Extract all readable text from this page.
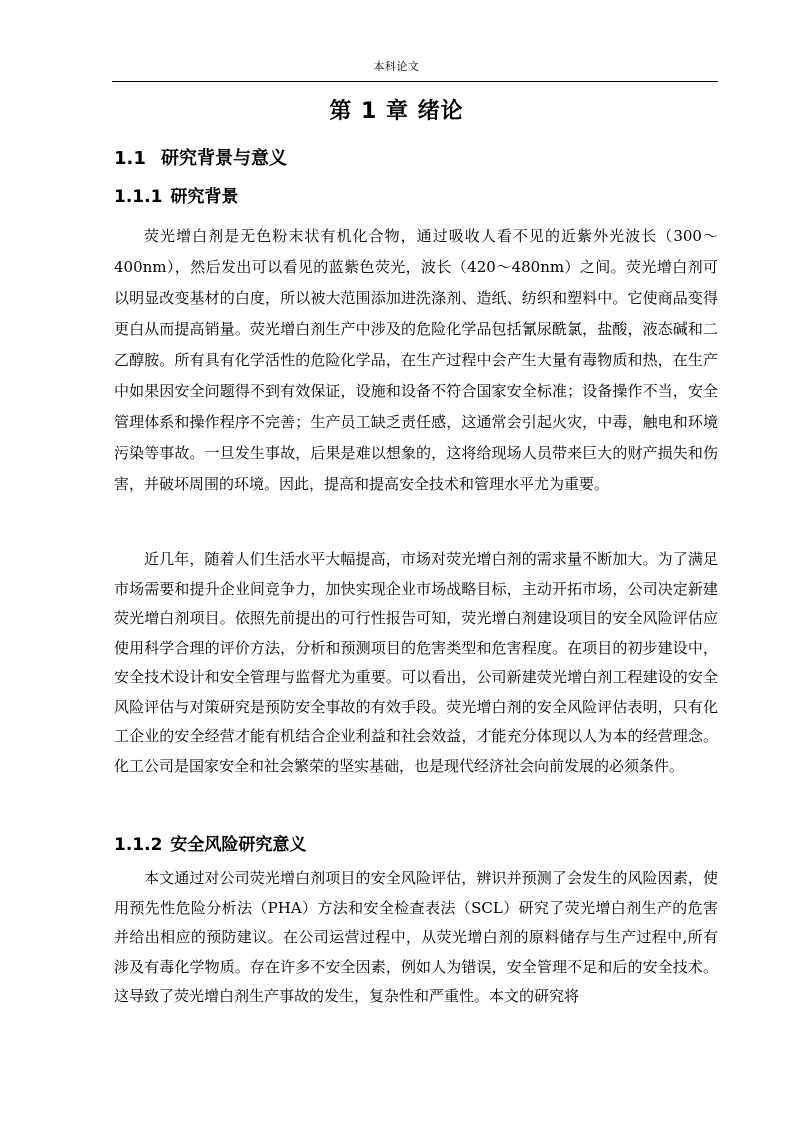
本科论文
第 1 章 绪论
1.1 研究背景与意义
1.1.1 研究背景

荧光增白剂是无色粉末状有机化合物，通过吸收人看不见的近紫外光波长（300～400nm），然后发出可以看见的蓝紫色荧光，波长（420～480nm）之间。荧光增白剂可以明显改变基材的白度，所以被大范围添加进洗涤剂、造纸、纺织和塑料中。它使商品变得更白从而提高销量。荧光增白剂生产中涉及的危险化学品包括氰尿酰氯，盐酸，液态碱和二乙醇胺。所有具有化学活性的危险化学品，在生产过程中会产生大量有毒物质和热，在生产中如果因安全问题得不到有效保证，设施和设备不符合国家安全标准；设备操作不当，安全管理体系和操作程序不完善；生产员工缺乏责任感，这通常会引起火灾，中毒，触电和环境污染等事故。一旦发生事故，后果是难以想象的，这将给现场人员带来巨大的财产损失和伤害，并破坏周围的环境。因此，提高和提高安全技术和管理水平尤为重要。

近几年，随着人们生活水平大幅提高，市场对荧光增白剂的需求量不断加大。为了满足市场需要和提升企业间竞争力，加快实现企业市场战略目标，主动开拓市场，公司决定新建荧光增白剂项目。依照先前提出的可行性报告可知，荧光增白剂建设项目的安全风险评估应使用科学合理的评价方法，分析和预测项目的危害类型和危害程度。在项目的初步建设中，安全技术设计和安全管理与监督尤为重要。可以看出，公司新建荧光增白剂工程建设的安全风险评估与对策研究是预防安全事故的有效手段。荧光增白剂的安全风险评估表明，只有化工企业的安全经营才能有机结合企业利益和社会效益，才能充分体现以人为本的经营理念。化工公司是国家安全和社会繁荣的坚实基础，也是现代经济社会向前发展的必须条件。

1.1.2 安全风险研究意义

本文通过对公司荧光增白剂项目的安全风险评估，辨识并预测了会发生的风险因素，使用预先性危险分析法（PHA）方法和安全检查表法（SCL）研究了荧光增白剂生产的危害并给出相应的预防建议。在公司运营过程中，从荧光增白剂的原料储存与生产过程中,所有涉及有毒化学物质。存在许多不安全因素，例如人为错误，安全管理不足和后的安全技术。这导致了荧光增白剂生产事故的发生，复杂性和严重性。本文的研究将
